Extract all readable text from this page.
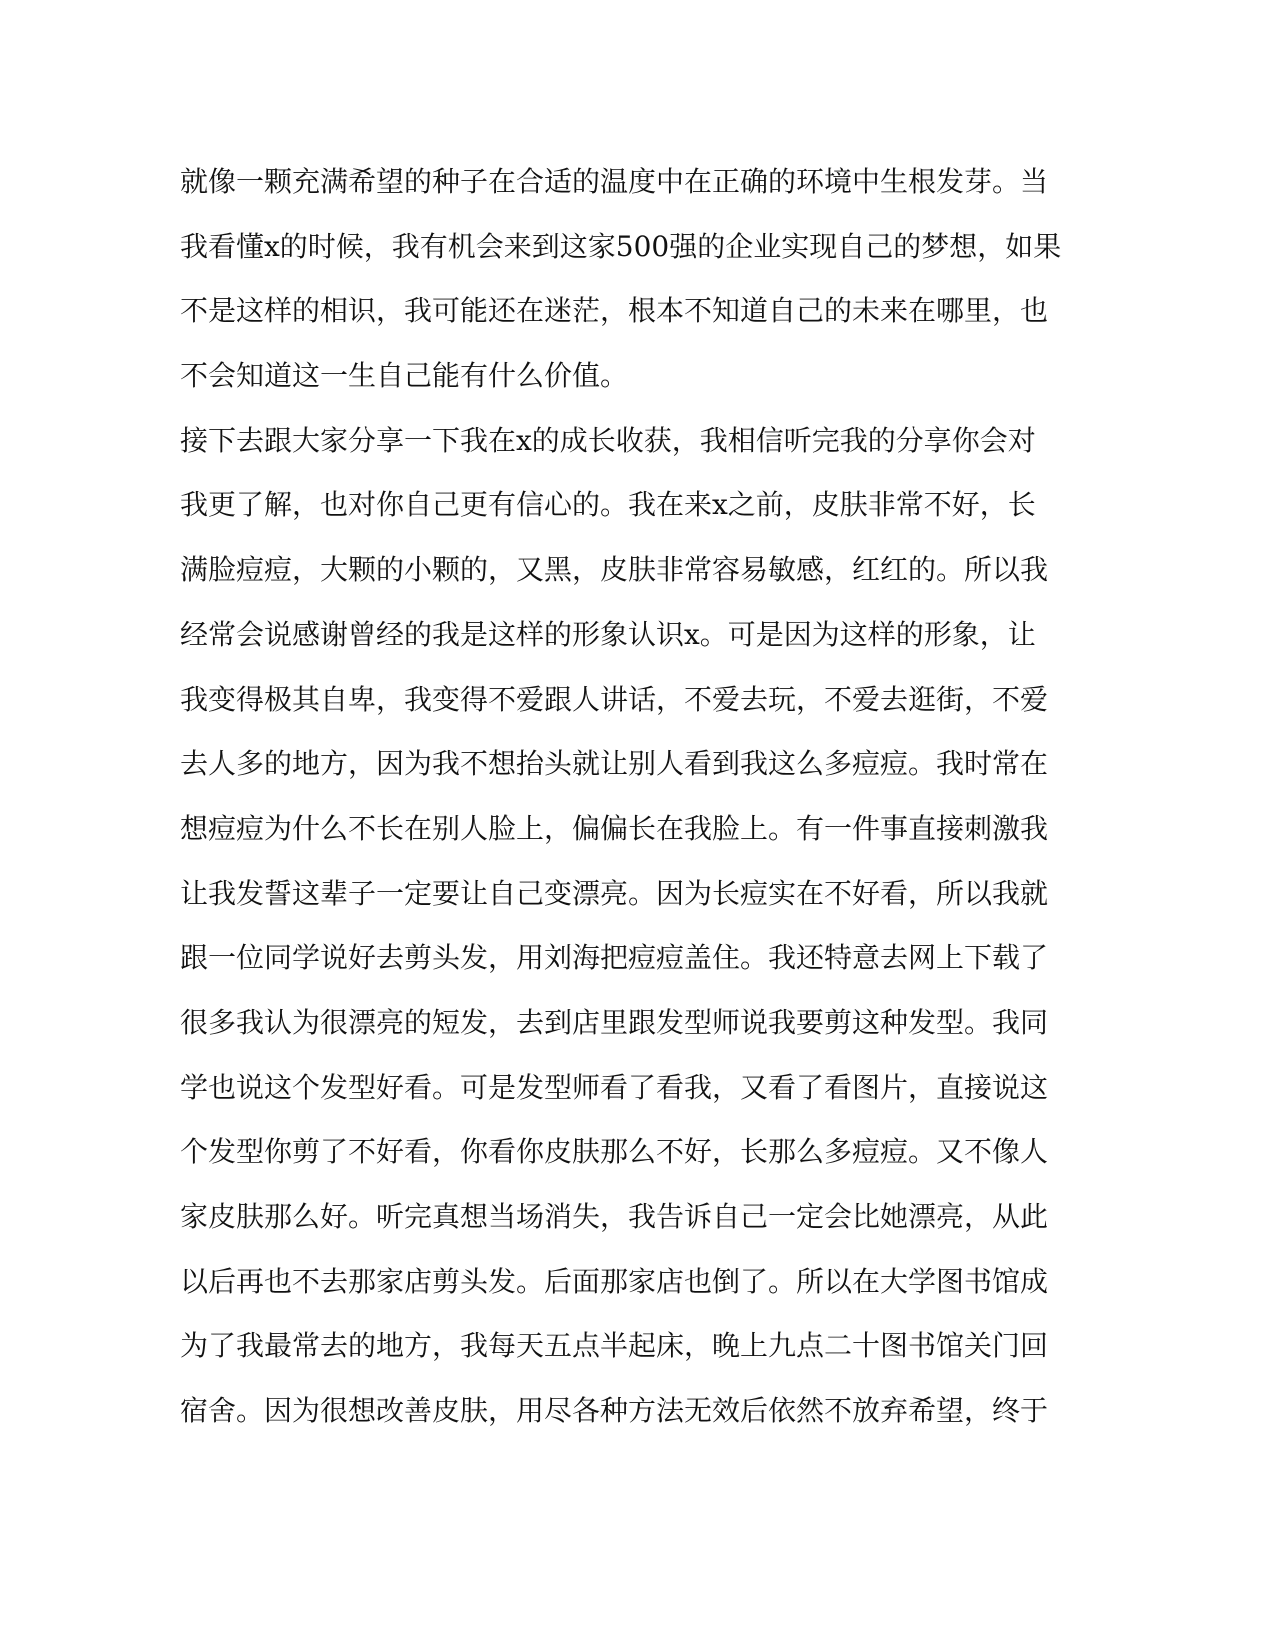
就像一颗充满希望的种子在合适的温度中在正确的环境中生根发芽。当
我看懂x的时候，我有机会来到这家500强的企业实现自己的梦想，如果
不是这样的相识，我可能还在迷茫，根本不知道自己的未来在哪里，也
不会知道这一生自己能有什么价值。
接下去跟大家分享一下我在x的成长收获，我相信听完我的分享你会对
我更了解，也对你自己更有信心的。我在来x之前，皮肤非常不好，长
满脸痘痘，大颗的小颗的，又黑，皮肤非常容易敏感，红红的。所以我
经常会说感谢曾经的我是这样的形象认识x。可是因为这样的形象，让
我变得极其自卑，我变得不爱跟人讲话，不爱去玩，不爱去逛街，不爱
去人多的地方，因为我不想抬头就让别人看到我这么多痘痘。我时常在
想痘痘为什么不长在别人脸上，偏偏长在我脸上。有一件事直接刺激我
让我发誓这辈子一定要让自己变漂亮。因为长痘实在不好看，所以我就
跟一位同学说好去剪头发，用刘海把痘痘盖住。我还特意去网上下载了
很多我认为很漂亮的短发，去到店里跟发型师说我要剪这种发型。我同
学也说这个发型好看。可是发型师看了看我，又看了看图片，直接说这
个发型你剪了不好看，你看你皮肤那么不好，长那么多痘痘。又不像人
家皮肤那么好。听完真想当场消失，我告诉自己一定会比她漂亮，从此
以后再也不去那家店剪头发。后面那家店也倒了。所以在大学图书馆成
为了我最常去的地方，我每天五点半起床，晚上九点二十图书馆关门回
宿舍。因为很想改善皮肤，用尽各种方法无效后依然不放弃希望，终于
